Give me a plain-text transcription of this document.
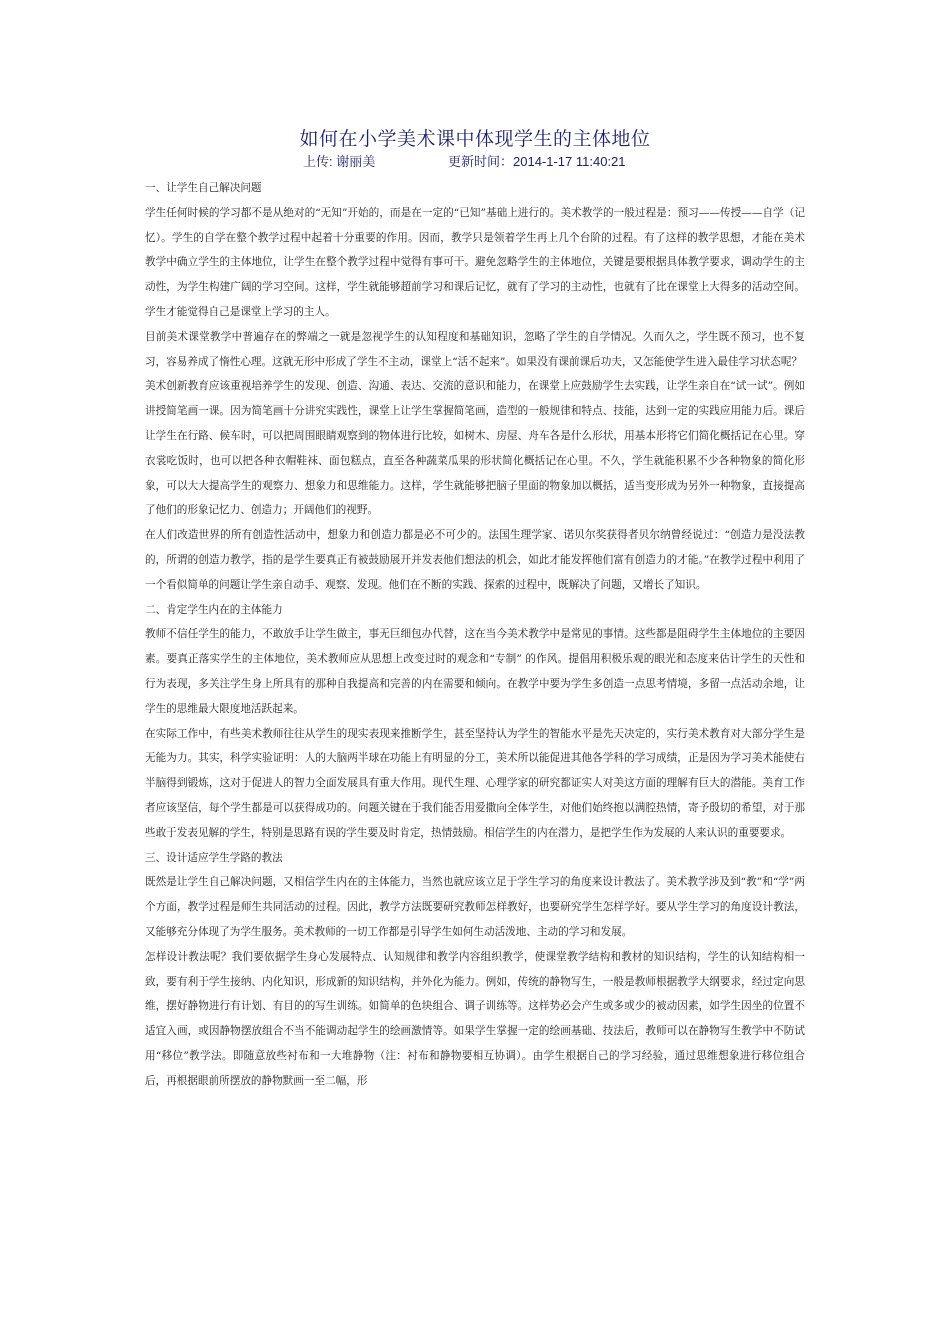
如何在小学美术课中体现学生的主体地位
上传: 谢丽美	更新时间：2014-1-17 11:40:21

一、让学生自己解决问题

学生任何时候的学习都不是从绝对的“无知”开始的，而是在一定的“已知”基础上进行的。美术教学的一般过程是：预习——传授——自学（记忆）。学生的自学在整个教学过程中起着十分重要的作用。因而，教学只是领着学生再上几个台阶的过程。有了这样的教学思想，才能在美术教学中确立学生的主体地位，让学生在整个教学过程中觉得有事可干。避免忽略学生的主体地位，关键是要根据具体教学要求，调动学生的主动性，为学生构建广阔的学习空间。这样，学生就能够超前学习和课后记忆，就有了学习的主动性，也就有了比在课堂上大得多的活动空间。学生才能觉得自己是课堂上学习的主人。

目前美术课堂教学中普遍存在的弊端之一就是忽视学生的认知程度和基础知识，忽略了学生的自学情况。久而久之，学生既不预习，也不复习，容易养成了惰性心理。这就无形中形成了学生不主动，课堂上“活不起来”。如果没有课前课后功夫，又怎能使学生进入最佳学习状态呢？

美术创新教育应该重视培养学生的发现、创造、沟通、表达、交流的意识和能力，在课堂上应鼓励学生去实践，让学生亲自在“试一试”。例如讲授简笔画一课。因为简笔画十分讲究实践性，课堂上让学生掌握简笔画，造型的一般规律和特点、技能，达到一定的实践应用能力后。课后让学生在行路、候车时，可以把周围眼睛观察到的物体进行比较，如树木、房屋、舟车各是什么形状，用基本形将它们简化概括记在心里。穿衣裳吃饭时，也可以把各种衣帽鞋袜、面包糕点，直至各种蔬菜瓜果的形状简化概括记在心里。不久，学生就能积累不少各种物象的简化形象，可以大大提高学生的观察力、想象力和思维能力。这样，学生就能够把脑子里面的物象加以概括，适当变形成为另外一种物象，直接提高了他们的形象记忆力、创造力；开阔他们的视野。

在人们改造世界的所有创造性活动中，想象力和创造力都是必不可少的。法国生理学家、诺贝尔奖获得者贝尔纳曾经说过：“创造力是没法教的，所谓的创造力教学，指的是学生要真正有被鼓励展开并发表他们想法的机会，如此才能发挥他们富有创造力的才能。”在教学过程中利用了一个看似简单的问题让学生亲自动手、观察、发现。他们在不断的实践、探索的过程中，既解决了问题，又增长了知识。

二、肯定学生内在的主体能力

教师不信任学生的能力，不敢放手让学生做主，事无巨细包办代替，这在当今美术教学中是常见的事情。这些都是阻碍学生主体地位的主要因素。要真正落实学生的主体地位，美术教师应从思想上改变过时的观念和“专制” 的作风。提倡用积极乐观的眼光和态度来估计学生的天性和行为表现，多关注学生身上所具有的那种自我提高和完善的内在需要和倾向。在教学中要为学生多创造一点思考情境，多留一点活动余地，让学生的思维最大限度地活跃起来。

在实际工作中，有些美术教师往往从学生的现实表现来推断学生，甚至坚持认为学生的智能水平是先天决定的，实行美术教育对大部分学生是无能为力。其实，科学实验证明：人的大脑两半球在功能上有明显的分工，美术所以能促进其他各学科的学习成绩，正是因为学习美术能使右半脑得到锻炼，这对于促进人的智力全面发展具有重大作用。现代生理、心理学家的研究都证实人对美这方面的理解有巨大的潜能。美育工作者应该坚信，每个学生都是可以获得成功的。问题关键在于我们能否用爱撒向全体学生，对他们始终抱以满腔热情，寄予殷切的希望，对于那些敢于发表见解的学生，特别是思路有误的学生要及时肯定，热情鼓励。相信学生的内在潜力，是把学生作为发展的人来认识的重要要求。

三、设计适应学生学路的教法

既然是让学生自己解决问题，又相信学生内在的主体能力，当然也就应该立足于学生学习的角度来设计教法了。美术教学涉及到“教”和“学”两个方面，教学过程是师生共同活动的过程。因此，教学方法既要研究教师怎样教好，也要研究学生怎样学好。要从学生学习的角度设计教法，又能够充分体现了为学生服务。美术教师的一切工作都是引导学生如何生动活泼地、主动的学习和发展。

怎样设计教法呢？我们要依据学生身心发展特点、认知规律和教学内容组织教学，使课堂教学结构和教材的知识结构，学生的认知结构相一致，要有利于学生接纳、内化知识，形成新的知识结构，并外化为能力。例如，传统的静物写生，一般是教师根据教学大纲要求，经过定向思维，摆好静物进行有计划、有目的的写生训练。如简单的色块组合、调子训练等。这样势必会产生或多或少的被动因素，如学生因坐的位置不适宜入画，或因静物摆放组合不当不能调动起学生的绘画激情等。如果学生掌握一定的绘画基础、技法后，教师可以在静物写生教学中不防试用“移位”教学法。即随意放些衬布和一大堆静物（注：衬布和静物要相互协调）。由学生根据自己的学习经验，通过思维想象进行移位组合后，再根据眼前所摆放的静物默画一至二幅，形
